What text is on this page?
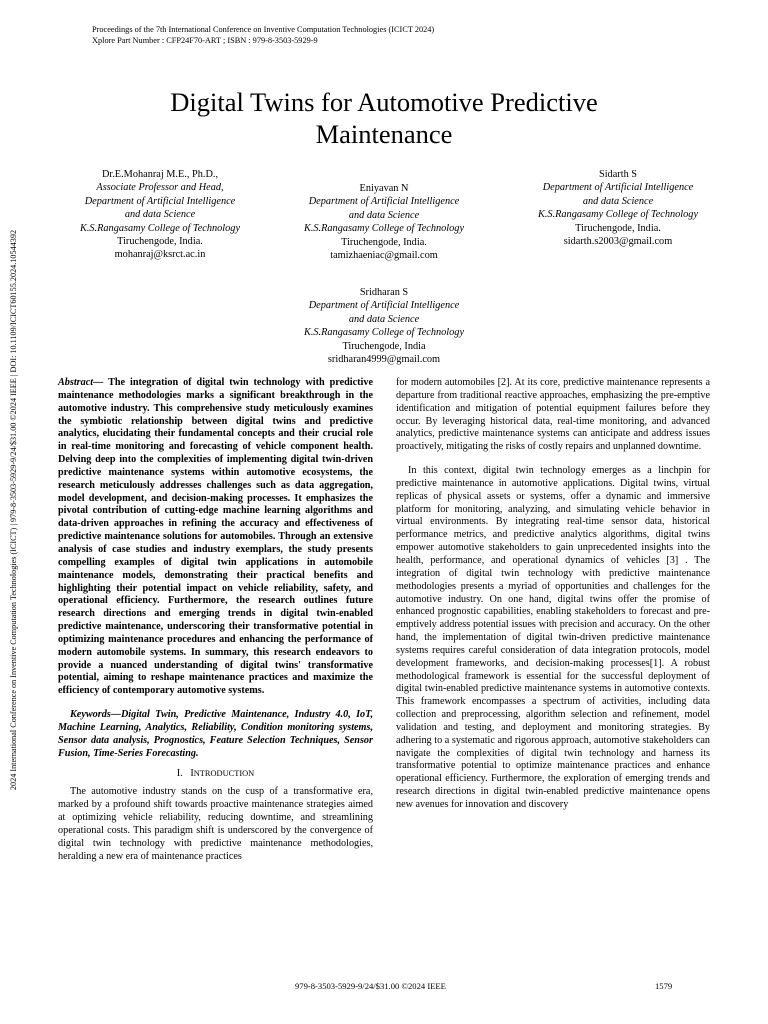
Proceedings of the 7th International Conference on Inventive Computation Technologies (ICICT 2024)
Xplore Part Number : CFP24F70-ART ; ISBN : 979-8-3503-5929-9
2024 International Conference on Inventive Computation Technologies (ICICT) | 979-8-3503-5929-9/24/$31.00 ©2024 IEEE | DOI: 10.1109/ICICT60155.2024.10544392
Digital Twins for Automotive Predictive
Maintenance
Dr.E.Mohanraj M.E., Ph.D.,
Associate Professor and Head,
Department of Artificial Intelligence
and data Science
K.S.Rangasamy College of Technology
Tiruchengode, India.
mohanraj@ksrct.ac.in
Eniyavan N
Department of Artificial Intelligence
and data Science
K.S.Rangasamy College of Technology
Tiruchengode, India.
tamizhaeniac@gmail.com
Sidarth S
Department of Artificial Intelligence
and data Science
K.S.Rangasamy College of Technology
Tiruchengode, India.
sidarth.s2003@gmail.com
Sridharan S
Department of Artificial Intelligence
and data Science
K.S.Rangasamy College of Technology
Tiruchengode, India
sridharan4999@gmail.com

Abstract— The integration of digital twin technology with predictive maintenance methodologies marks a significant breakthrough in the automotive industry. This comprehensive study meticulously examines the symbiotic relationship between digital twins and predictive analytics, elucidating their fundamental concepts and their crucial role in real-time monitoring and forecasting of vehicle component health. Delving deep into the complexities of implementing digital twin-driven predictive maintenance systems within automotive ecosystems, the research meticulously addresses challenges such as data aggregation, model development, and decision-making processes. It emphasizes the pivotal contribution of cutting-edge machine learning algorithms and data-driven approaches in refining the accuracy and effectiveness of predictive maintenance solutions for automobiles. Through an extensive analysis of case studies and industry exemplars, the study presents compelling examples of digital twin applications in automobile maintenance models, demonstrating their practical benefits and highlighting their potential impact on vehicle reliability, safety, and operational efficiency. Furthermore, the research outlines future research directions and emerging trends in digital twin-enabled predictive maintenance, underscoring their transformative potential in optimizing maintenance procedures and enhancing the performance of modern automobile systems. In summary, this research endeavors to provide a nuanced understanding of digital twins' transformative potential, aiming to reshape maintenance practices and maximize the efficiency of contemporary automotive systems.

Keywords—Digital Twin, Predictive Maintenance, Industry 4.0, IoT, Machine Learning, Analytics, Reliability, Condition monitoring systems, Sensor data analysis, Prognostics, Feature Selection Techniques, Sensor Fusion, Time-Series Forecasting.

I. INTRODUCTION

The automotive industry stands on the cusp of a transformative era, marked by a profound shift towards proactive maintenance strategies aimed at optimizing vehicle reliability, reducing downtime, and streamlining operational costs. This paradigm shift is underscored by the convergence of digital twin technology with predictive maintenance methodologies, heralding a new era of maintenance practices

for modern automobiles [2]. At its core, predictive maintenance represents a departure from traditional reactive approaches, emphasizing the pre-emptive identification and mitigation of potential equipment failures before they occur. By leveraging historical data, real-time monitoring, and advanced analytics, predictive maintenance systems can anticipate and address issues proactively, mitigating the risks of costly repairs and unplanned downtime.

In this context, digital twin technology emerges as a linchpin for predictive maintenance in automotive applications. Digital twins, virtual replicas of physical assets or systems, offer a dynamic and immersive platform for monitoring, analyzing, and simulating vehicle behavior in virtual environments. By integrating real-time sensor data, historical performance metrics, and predictive analytics algorithms, digital twins empower automotive stakeholders to gain unprecedented insights into the health, performance, and operational dynamics of vehicles [3] . The integration of digital twin technology with predictive maintenance methodologies presents a myriad of opportunities and challenges for the automotive industry. On one hand, digital twins offer the promise of enhanced prognostic capabilities, enabling stakeholders to forecast and pre-emptively address potential issues with precision and accuracy. On the other hand, the implementation of digital twin-driven predictive maintenance systems requires careful consideration of data integration protocols, model development frameworks, and decision-making processes[1]. A robust methodological framework is essential for the successful deployment of digital twin-enabled predictive maintenance systems in automotive contexts. This framework encompasses a spectrum of activities, including data collection and preprocessing, algorithm selection and refinement, model validation and testing, and deployment and monitoring strategies. By adhering to a systematic and rigorous approach, automotive stakeholders can navigate the complexities of digital twin technology and harness its transformative potential to optimize maintenance practices and enhance operational efficiency. Furthermore, the exploration of emerging trends and research directions in digital twin-enabled predictive maintenance opens new avenues for innovation and discovery

979-8-3503-5929-9/24/$31.00 ©2024 IEEE	1579
